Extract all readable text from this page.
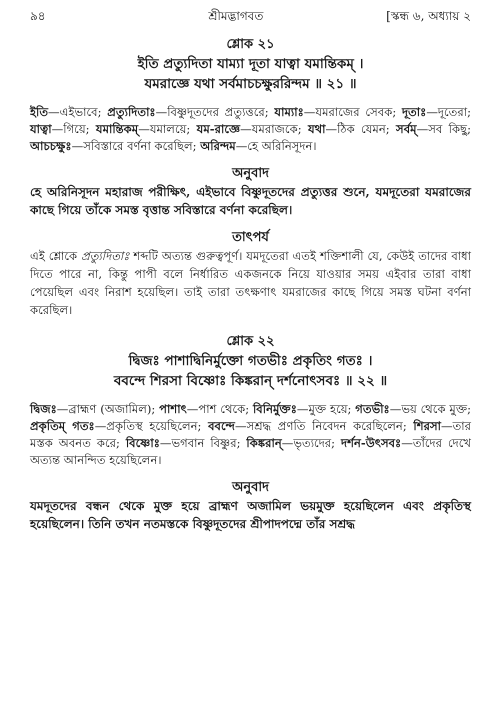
৯৪	শ্রীমদ্ভাগবত	[স্কন্ধ ৬, অধ্যায় ২
শ্লোক ২১
ইতি প্রত্যুদিতা যাম্যা দূতা যাত্বা যমান্তিকম্ ।
যমরাজ্ঞে যথা সর্বমাচচক্ষুররিন্দম ॥ ২১ ॥
ইতি—এইভাবে; প্রত্যুদিতাঃ—বিষ্ণুদূতদের প্রত্যুত্তরে; যাম্যাঃ—যমরাজের সেবক; দূতাঃ—দূতেরা; যাত্বা—গিয়ে; যমান্তিকম্—যমালয়ে; যম-রাজ্ঞে—যমরাজকে; যথা—ঠিক যেমন; সর্বম্—সব কিছু; আচচক্ষুঃ—সবিস্তারে বর্ণনা করেছিল; অরিন্দম—হে অরিনিসূদন।
অনুবাদ
হে অরিনিসূদন মহারাজ পরীক্ষিৎ, এইভাবে বিষ্ণুদূতদের প্রত্যুত্তর শুনে, যমদূতেরা যমরাজের কাছে গিয়ে তাঁকে সমস্ত বৃত্তান্ত সবিস্তারে বর্ণনা করেছিল।
তাৎপর্য
এই শ্লোকে প্রত্যুদিতাঃ শব্দটি অত্যন্ত গুরুত্বপূর্ণ। যমদূতেরা এতই শক্তিশালী যে, কেউই তাদের বাধা দিতে পারে না, কিন্তু পাপী বলে নির্ধারিত একজনকে নিয়ে যাওয়ার সময় এইবার তারা বাধা পেয়েছিল এবং নিরাশ হয়েছিল। তাই তারা তৎক্ষণাৎ যমরাজের কাছে গিয়ে সমস্ত ঘটনা বর্ণনা করেছিল।
শ্লোক ২২
দ্বিজঃ পাশাদ্বিনির্মুক্তো গতভীঃ প্রকৃতিং গতঃ ।
ববন্দে শিরসা বিষ্ণোঃ কিঙ্করান্ দর্শনোৎসবঃ ॥ ২২ ॥
দ্বিজঃ—ব্রাহ্মণ (অজামিল); পাশাৎ—পাশ থেকে; বিনির্মুক্তঃ—মুক্ত হয়ে; গতভীঃ—ভয় থেকে মুক্ত; প্রকৃতিম্ গতঃ—প্রকৃতিস্থ হয়েছিলেন; ববন্দে—সশ্রদ্ধ প্রণতি নিবেদন করেছিলেন; শিরসা—তার মস্তক অবনত করে; বিষ্ণোঃ—ভগবান বিষ্ণুর; কিঙ্করান্—ভৃত্যদের; দর্শন-উৎসবঃ—তাঁদের দেখে অত্যন্ত আনন্দিত হয়েছিলেন।
অনুবাদ
যমদূতদের বন্ধন থেকে মুক্ত হয়ে ব্রাহ্মণ অজামিল ভয়মুক্ত হয়েছিলেন এবং প্রকৃতিস্থ হয়েছিলেন। তিনি তখন নতমস্তকে বিষ্ণুদূতদের শ্রীপাদপদ্মে তাঁর সশ্রদ্ধ
